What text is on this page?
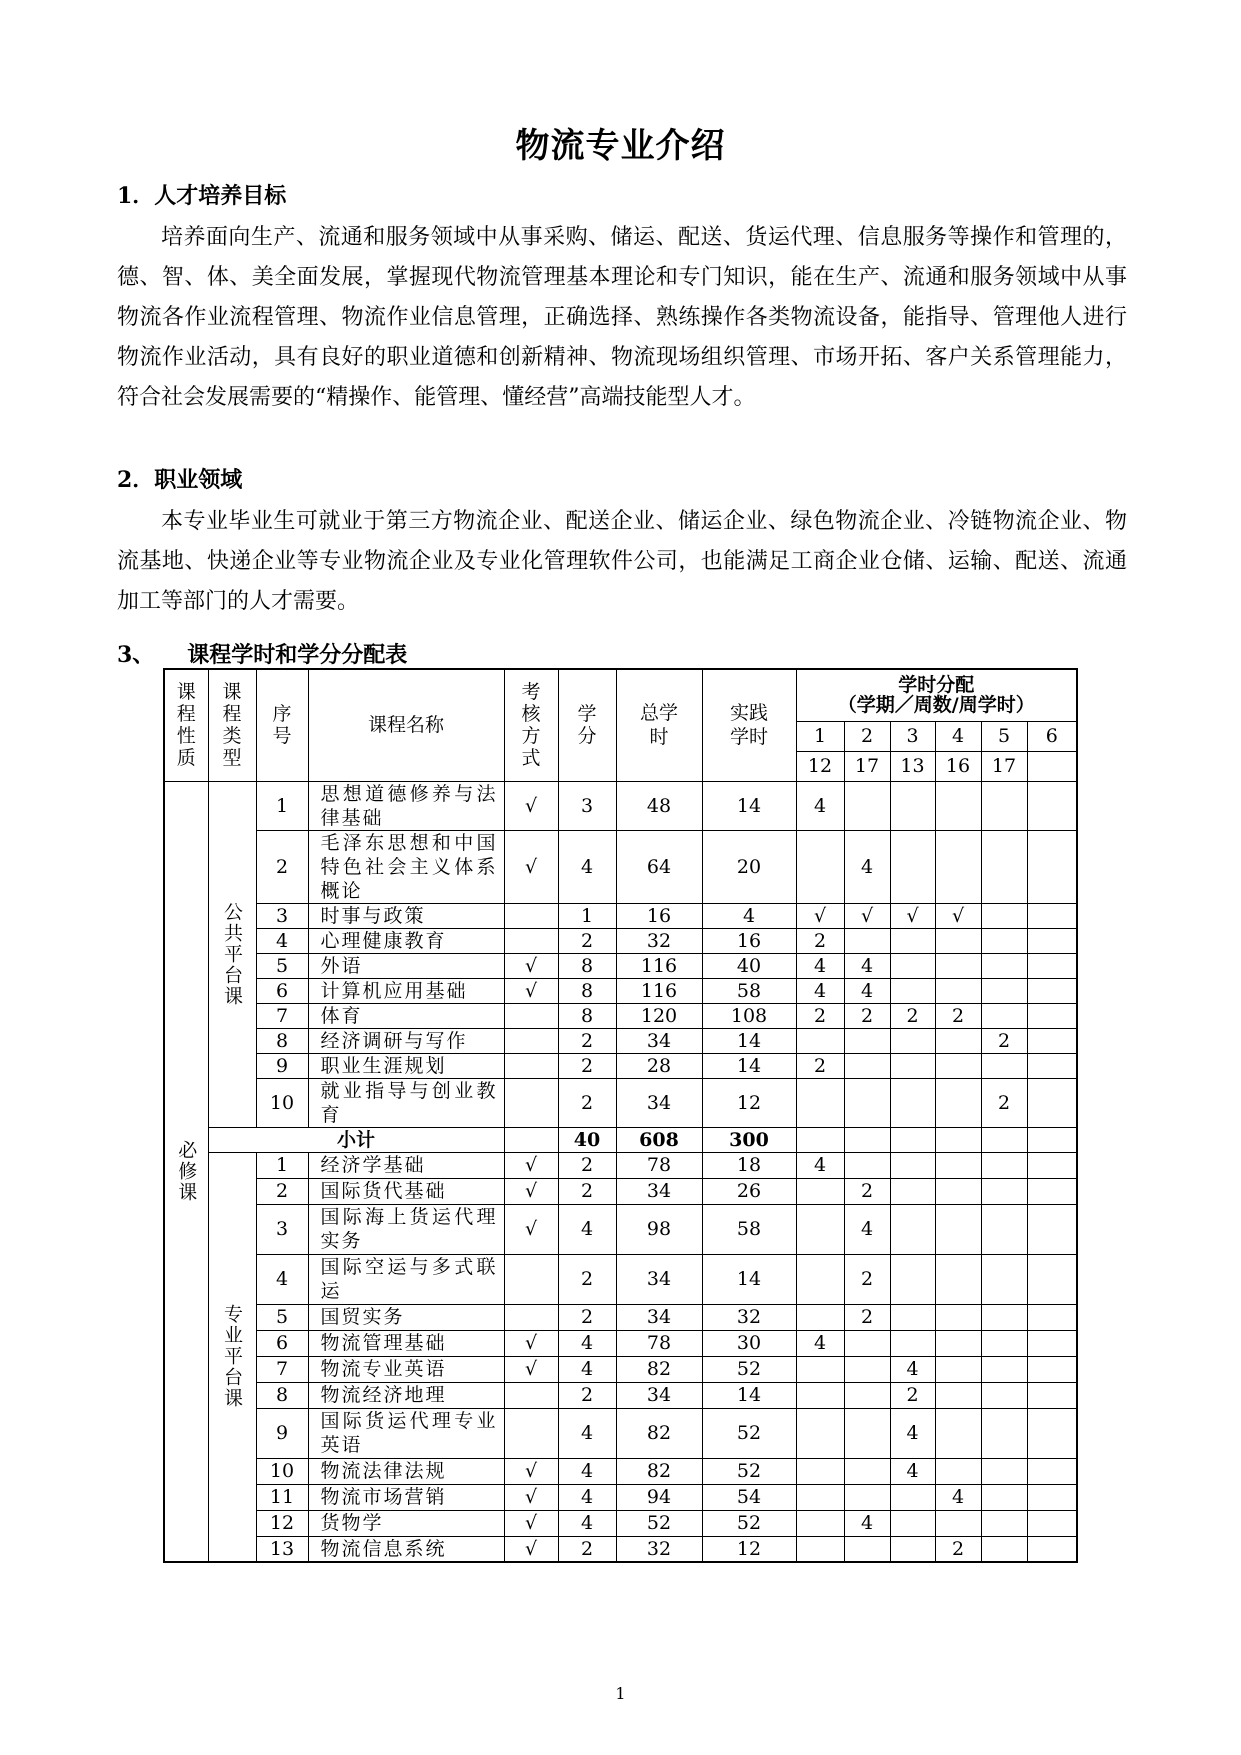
物流专业介绍
1．人才培养目标
培养面向生产、流通和服务领域中从事采购、储运、配送、货运代理、信息服务等操作和管理的，德、智、体、美全面发展，掌握现代物流管理基本理论和专门知识，能在生产、流通和服务领域中从事物流各作业流程管理、物流作业信息管理，正确选择、熟练操作各类物流设备，能指导、管理他人进行物流作业活动，具有良好的职业道德和创新精神、物流现场组织管理、市场开拓、客户关系管理能力，符合社会发展需要的“精操作、能管理、懂经营”高端技能型人才。
2．职业领域
本专业毕业生可就业于第三方物流企业、配送企业、储运企业、绿色物流企业、冷链物流企业、物流基地、快递企业等专业物流企业及专业化管理软件公司，也能满足工商企业仓储、运输、配送、流通加工等部门的人才需要。
3、　　课程学时和学分分配表
课程性质	课程类型	序号	课程名称	考核方式	学分	总学时	实践学时	学时分配
（学期／周数/周学时）					

								1	2	3	4	5	6
								12	17	13	16	17	
必修课	公共平台课	1	思想道德修养与法律基础	√	3	48	14	4					
		2	毛泽东思想和中国特色社会主义体系概论	√	4	64	20		4				
		3	时事与政策		1	16	4	√	√	√	√		
		4	心理健康教育		2	32	16	2					
		5	外语	√	8	116	40	4	4				
		6	计算机应用基础	√	8	116	58	4	4				
		7	体育		8	120	108	2	2	2	2		
		8	经济调研与写作		2	34	14					2	
		9	职业生涯规划		2	28	14	2					
		10	就业指导与创业教育		2	34	12					2	
	小计				40	608	300						
	专业平台课	1	经济学基础	√	2	78	18	4					
		2	国际货代基础	√	2	34	26		2				
		3	国际海上货运代理实务	√	4	98	58		4				
		4	国际空运与多式联运		2	34	14		2				
		5	国贸实务		2	34	32		2				
		6	物流管理基础	√	4	78	30	4					
		7	物流专业英语	√	4	82	52			4			
		8	物流经济地理		2	34	14			2			
		9	国际货运代理专业英语		4	82	52			4			
		10	物流法律法规	√	4	82	52			4			
		11	物流市场营销	√	4	94	54				4		
		12	货物学	√	4	52	52		4				
		13	物流信息系统	√	2	32	12				2		
1
